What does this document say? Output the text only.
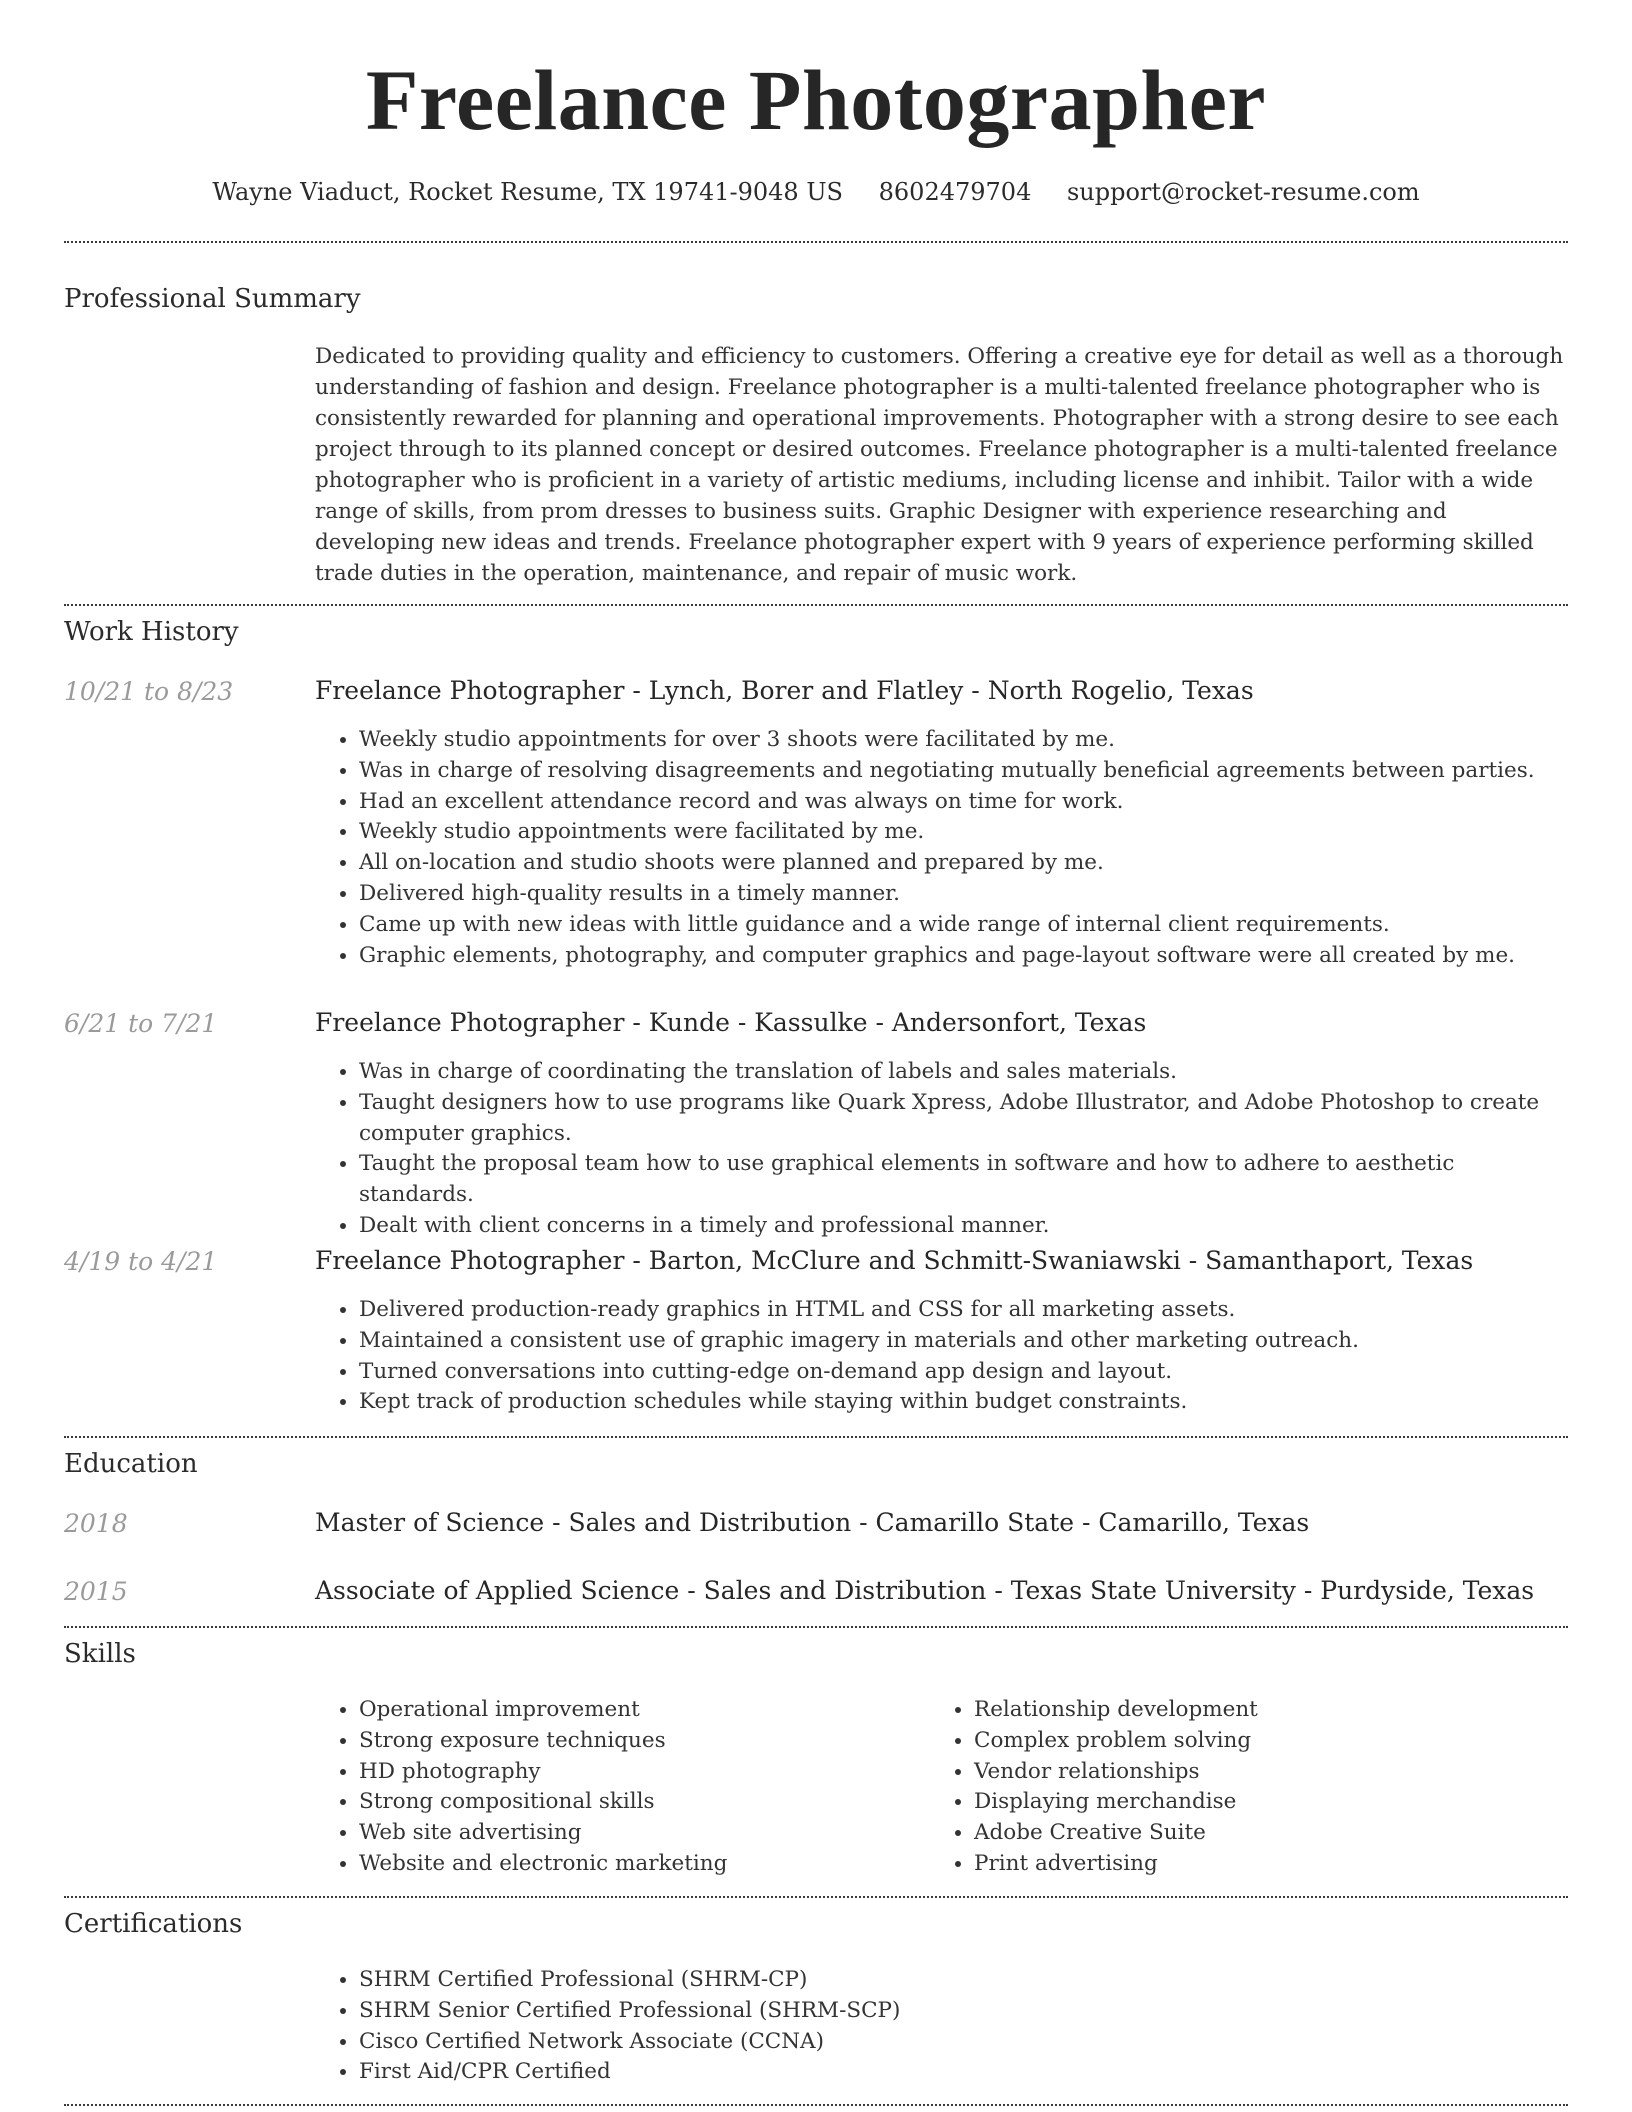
Freelance Photographer
Wayne Viaduct, Rocket Resume, TX 19741-9048 US 8602479704 support@rocket-resume.com
Professional Summary
Dedicated to providing quality and efficiency to customers. Offering a creative eye for detail as well as a thorough understanding of fashion and design. Freelance photographer is a multi-talented freelance photographer who is consistently rewarded for planning and operational improvements. Photographer with a strong desire to see each project through to its planned concept or desired outcomes. Freelance photographer is a multi-talented freelance photographer who is proficient in a variety of artistic mediums, including license and inhibit. Tailor with a wide range of skills, from prom dresses to business suits. Graphic Designer with experience researching and developing new ideas and trends. Freelance photographer expert with 9 years of experience performing skilled trade duties in the operation, maintenance, and repair of music work.
Work History
10/21 to 8/23	Freelance Photographer - Lynch, Borer and Flatley - North Rogelio, Texas
• Weekly studio appointments for over 3 shoots were facilitated by me.
• Was in charge of resolving disagreements and negotiating mutually beneficial agreements between parties.
• Had an excellent attendance record and was always on time for work.
• Weekly studio appointments were facilitated by me.
• All on-location and studio shoots were planned and prepared by me.
• Delivered high-quality results in a timely manner.
• Came up with new ideas with little guidance and a wide range of internal client requirements.
• Graphic elements, photography, and computer graphics and page-layout software were all created by me.
6/21 to 7/21	Freelance Photographer - Kunde - Kassulke - Andersonfort, Texas
• Was in charge of coordinating the translation of labels and sales materials.
• Taught designers how to use programs like Quark Xpress, Adobe Illustrator, and Adobe Photoshop to create computer graphics.
• Taught the proposal team how to use graphical elements in software and how to adhere to aesthetic standards.
• Dealt with client concerns in a timely and professional manner.
4/19 to 4/21	Freelance Photographer - Barton, McClure and Schmitt-Swaniawski - Samanthaport, Texas
• Delivered production-ready graphics in HTML and CSS for all marketing assets.
• Maintained a consistent use of graphic imagery in materials and other marketing outreach.
• Turned conversations into cutting-edge on-demand app design and layout.
• Kept track of production schedules while staying within budget constraints.
Education
2018	Master of Science - Sales and Distribution - Camarillo State - Camarillo, Texas
2015	Associate of Applied Science - Sales and Distribution - Texas State University - Purdyside, Texas
Skills
• Operational improvement
• Strong exposure techniques
• HD photography
• Strong compositional skills
• Web site advertising
• Website and electronic marketing
• Relationship development
• Complex problem solving
• Vendor relationships
• Displaying merchandise
• Adobe Creative Suite
• Print advertising
Certifications
• SHRM Certified Professional (SHRM-CP)
• SHRM Senior Certified Professional (SHRM-SCP)
• Cisco Certified Network Associate (CCNA)
• First Aid/CPR Certified
